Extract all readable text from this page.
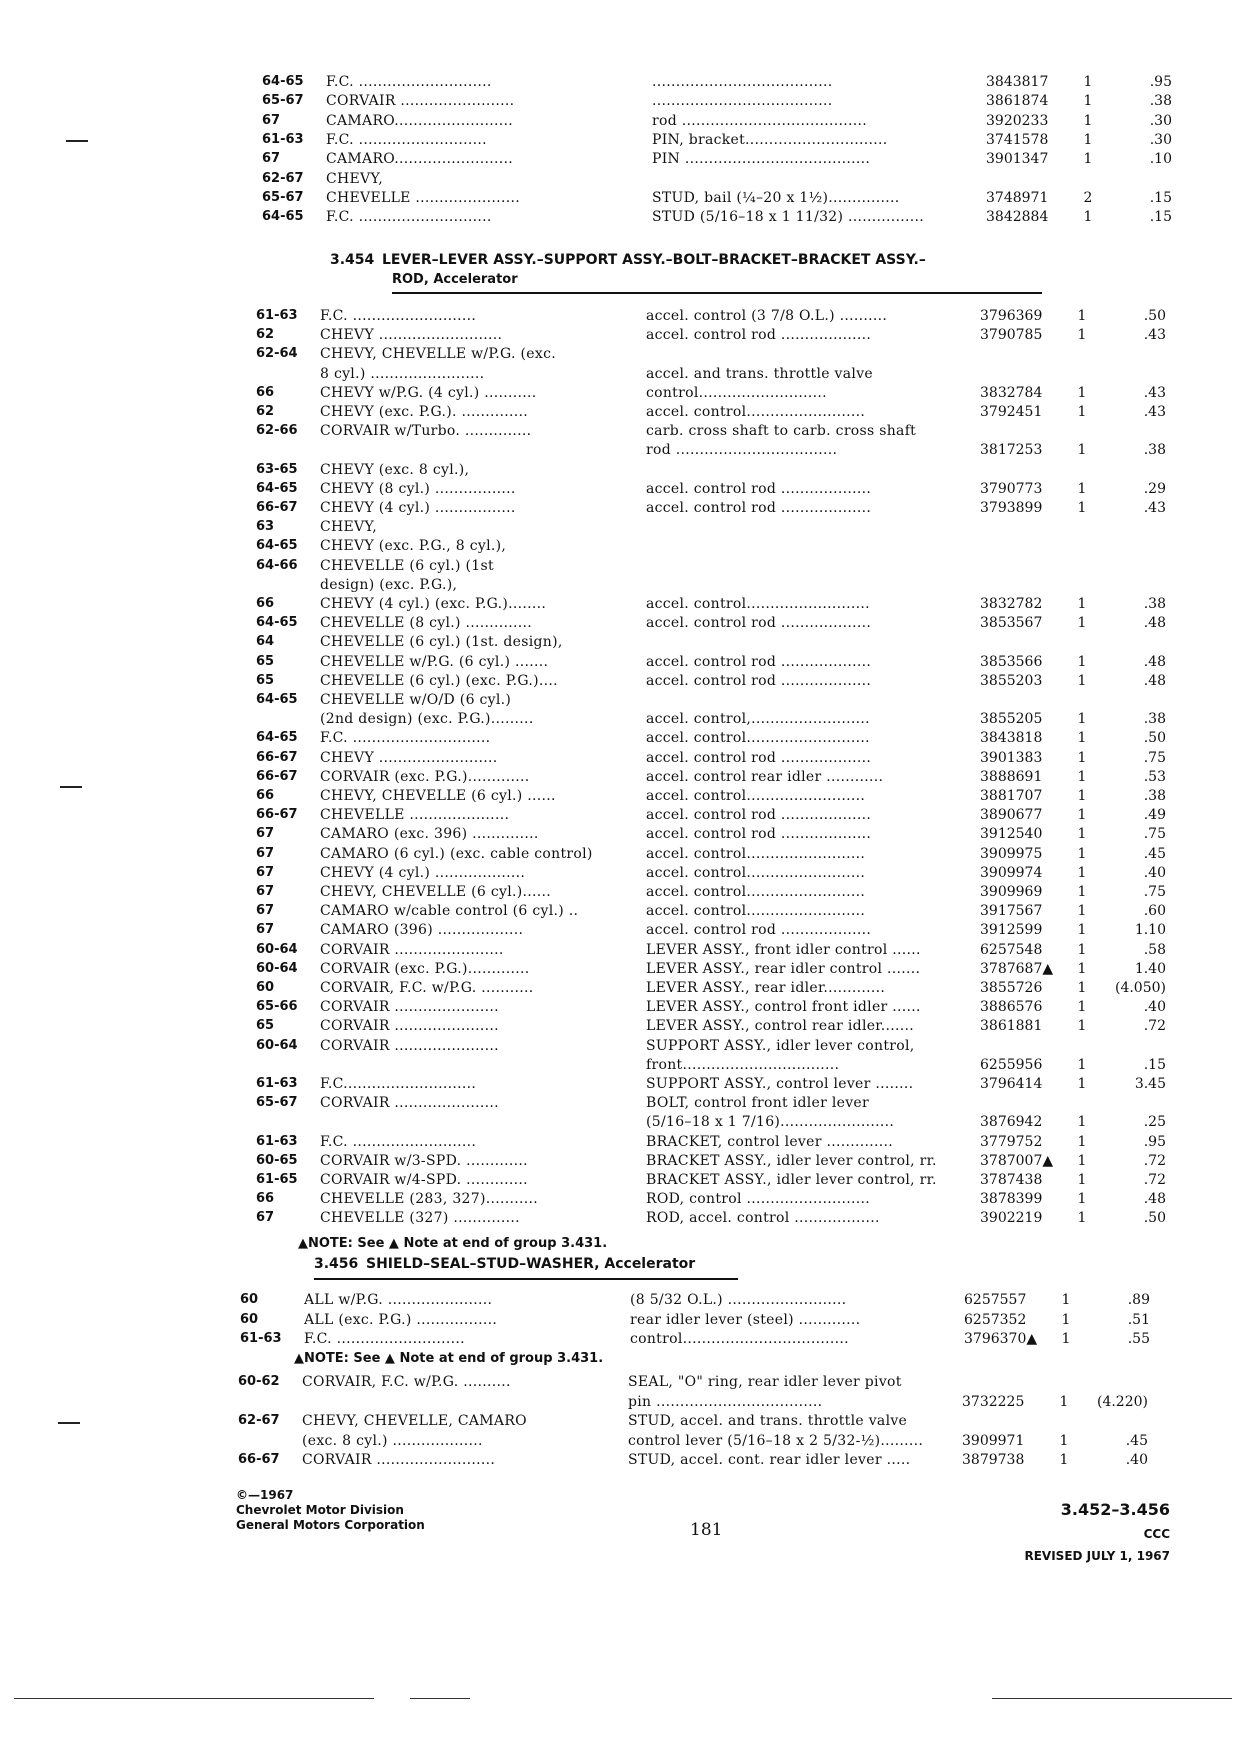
64-65	F.C. ............................	......................................	3843817	1	.95
65-67	CORVAIR ........................	......................................	3861874	1	.38
67	CAMARO.........................	rod .......................................	3920233	1	.30
61-63	F.C. ...........................	PIN, bracket..............................	3741578	1	.30
67	CAMARO.........................	PIN .......................................	3901347	1	.10
62-67	CHEVY,
65-67	CHEVELLE ......................	STUD, bail (¼–20 x 1½)...............	3748971	2	.15
64-65	F.C. ............................	STUD (5/16–18 x 1 11/32) ................	3842884	1	.15
3.454 LEVER–LEVER ASSY.–SUPPORT ASSY.–BOLT–BRACKET–BRACKET ASSY.–
ROD, Accelerator
61-63	F.C. ..........................	accel. control (3 7/8 O.L.) ..........	3796369	1	.50
62	CHEVY ..........................	accel. control rod ...................	3790785	1	.43
62-64	CHEVY, CHEVELLE w/P.G. (exc.
8 cyl.) ........................	accel. and trans. throttle valve
66	CHEVY w/P.G. (4 cyl.) ...........	control...........................	3832784	1	.43
62	CHEVY (exc. P.G.). ..............	accel. control.........................	3792451	1	.43
62-66	CORVAIR w/Turbo. ..............	carb. cross shaft to carb. cross shaft
rod ..................................	3817253	1	.38
63-65	CHEVY (exc. 8 cyl.),
64-65	CHEVY (8 cyl.) .................	accel. control rod ...................	3790773	1	.29
66-67	CHEVY (4 cyl.) .................	accel. control rod ...................	3793899	1	.43
63	CHEVY,
64-65	CHEVY (exc. P.G., 8 cyl.),
64-66	CHEVELLE (6 cyl.) (1st
design) (exc. P.G.),
66	CHEVY (4 cyl.) (exc. P.G.)........	accel. control..........................	3832782	1	.38
64-65	CHEVELLE (8 cyl.) ..............	accel. control rod ...................	3853567	1	.48
64	CHEVELLE (6 cyl.) (1st. design),
65	CHEVELLE w/P.G. (6 cyl.) .......	accel. control rod ...................	3853566	1	.48
65	CHEVELLE (6 cyl.) (exc. P.G.)....	accel. control rod ...................	3855203	1	.48
64-65	CHEVELLE w/O/D (6 cyl.)
(2nd design) (exc. P.G.).........	accel. control,.........................	3855205	1	.38
64-65	F.C. .............................	accel. control..........................	3843818	1	.50
66-67	CHEVY .........................	accel. control rod ...................	3901383	1	.75
66-67	CORVAIR (exc. P.G.).............	accel. control rear idler ............	3888691	1	.53
66	CHEVY, CHEVELLE (6 cyl.) ......	accel. control.........................	3881707	1	.38
66-67	CHEVELLE .....................	accel. control rod ...................	3890677	1	.49
67	CAMARO (exc. 396) ..............	accel. control rod ...................	3912540	1	.75
67	CAMARO (6 cyl.) (exc. cable control)	accel. control.........................	3909975	1	.45
67	CHEVY (4 cyl.) ...................	accel. control.........................	3909974	1	.40
67	CHEVY, CHEVELLE (6 cyl.)......	accel. control.........................	3909969	1	.75
67	CAMARO w/cable control (6 cyl.) ..	accel. control.........................	3917567	1	.60
67	CAMARO (396) ..................	accel. control rod ...................	3912599	1	1.10
60-64	CORVAIR .......................	LEVER ASSY., front idler control ......	6257548	1	.58
60-64	CORVAIR (exc. P.G.).............	LEVER ASSY., rear idler control .......	3787687▲	1	1.40
60	CORVAIR, F.C. w/P.G. ...........	LEVER ASSY., rear idler.............	3855726	1	(4.050)
65-66	CORVAIR ......................	LEVER ASSY., control front idler ......	3886576	1	.40
65	CORVAIR ......................	LEVER ASSY., control rear idler.......	3861881	1	.72
60-64	CORVAIR ......................	SUPPORT ASSY., idler lever control,
front.................................	6255956	1	.15
61-63	F.C............................	SUPPORT ASSY., control lever ........	3796414	1	3.45
65-67	CORVAIR ......................	BOLT, control front idler lever
(5/16–18 x 1 7/16)........................	3876942	1	.25
61-63	F.C. ..........................	BRACKET, control lever ..............	3779752	1	.95
60-65	CORVAIR w/3-SPD. .............	BRACKET ASSY., idler lever control, rr.	3787007▲	1	.72
61-65	CORVAIR w/4-SPD. .............	BRACKET ASSY., idler lever control, rr.	3787438	1	.72
66	CHEVELLE (283, 327)...........	ROD, control ..........................	3878399	1	.48
67	CHEVELLE (327) ..............	ROD, accel. control ..................	3902219	1	.50
▲NOTE: See ▲ Note at end of group 3.431.
3.456 SHIELD–SEAL–STUD–WASHER, Accelerator
60	ALL w/P.G. ......................	(8 5/32 O.L.) .........................	6257557	1	.89
60	ALL (exc. P.G.) .................	rear idler lever (steel) .............	6257352	1	.51
61-63	F.C. ...........................	control...................................	3796370▲	1	.55
▲NOTE: See ▲ Note at end of group 3.431.
60-62	CORVAIR, F.C. w/P.G. ..........	SEAL, "O" ring, rear idler lever pivot
pin ...................................	3732225	1	(4.220)
62-67	CHEVY, CHEVELLE, CAMARO	STUD, accel. and trans. throttle valve
(exc. 8 cyl.) ...................	control lever (5/16–18 x 2 5/32-½).........	3909971	1	.45
66-67	CORVAIR .........................	STUD, accel. cont. rear idler lever .....	3879738	1	.40
©—1967
Chevrolet Motor Division
General Motors Corporation	181
3.452–3.456
CCC
REVISED JULY 1, 1967
